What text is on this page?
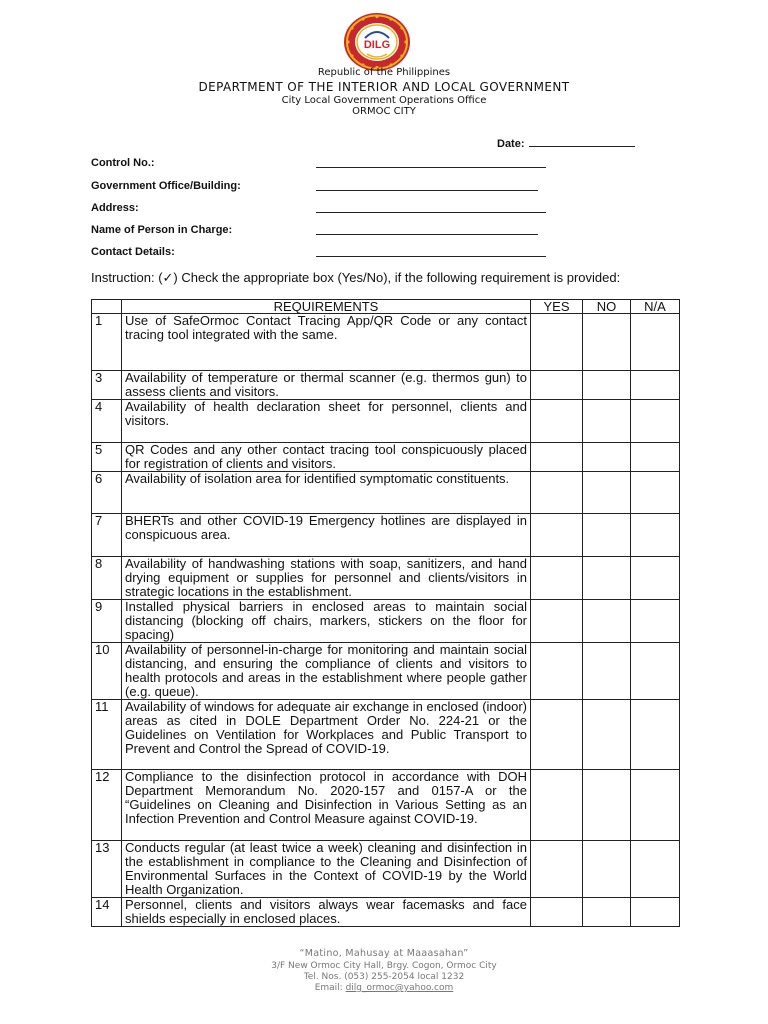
DILG
Republic of the Philippines
DEPARTMENT OF THE INTERIOR AND LOCAL GOVERNMENT
City Local Government Operations Office
ORMOC CITY
Date:
Control No.:
Government Office/Building:
Address:
Name of Person in Charge:
Contact Details:
Instruction: (✓) Check the appropriate box (Yes/No), if the following requirement is provided:
	REQUIREMENTS	YES	NO	N/A
1	Use of SafeOrmoc Contact Tracing App/QR Code or any contact tracing tool integrated with the same.			
3	Availability of temperature or thermal scanner (e.g. thermos gun) to assess clients and visitors.			
4	Availability of health declaration sheet for personnel, clients and visitors.			
5	QR Codes and any other contact tracing tool conspicuously placed for registration of clients and visitors.			
6	Availability of isolation area for identified symptomatic constituents.			
7	BHERTs and other COVID-19 Emergency hotlines are displayed in conspicuous area.			
8	Availability of handwashing stations with soap, sanitizers, and hand drying equipment or supplies for personnel and clients/visitors in strategic locations in the establishment.			
9	Installed physical barriers in enclosed areas to maintain social distancing (blocking off chairs, markers, stickers on the floor for spacing)			
10	Availability of personnel-in-charge for monitoring and maintain social distancing, and ensuring the compliance of clients and visitors to health protocols and areas in the establishment where people gather (e.g. queue).			
11	Availability of windows for adequate air exchange in enclosed (indoor) areas as cited in DOLE Department Order No. 224-21 or the Guidelines on Ventilation for Workplaces and Public Transport to Prevent and Control the Spread of COVID-19.			
12	Compliance to the disinfection protocol in accordance with DOH Department Memorandum No. 2020-157 and 0157-A or the “Guidelines on Cleaning and Disinfection in Various Setting as an Infection Prevention and Control Measure against COVID-19.			
13	Conducts regular (at least twice a week) cleaning and disinfection in the establishment in compliance to the Cleaning and Disinfection of Environmental Surfaces in the Context of COVID-19 by the World Health Organization.			
14	Personnel, clients and visitors always wear facemasks and face shields especially in enclosed places.			
“Matino, Mahusay at Maaasahan”
3/F New Ormoc City Hall, Brgy. Cogon, Ormoc City
Tel. Nos. (053) 255-2054 local 1232
Email: dilg_ormoc@yahoo.com
